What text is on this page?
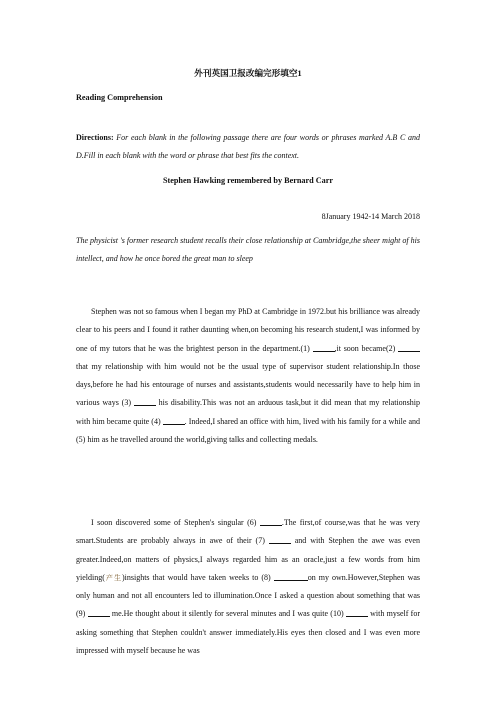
外刊英国卫报改编完形填空1
Reading Comprehension
Directions: For each blank in the following passage there are four words or phrases marked A.B C and D.Fill in each blank with the word or phrase that best fits the context.
Stephen Hawking remembered by Bernard Carr
8January 1942-14 March 2018
The physicist 's former research student recalls their close relationship at Cambridge,the sheer might of his intellect, and how he once bored the great man to sleep

Stephen was not so famous when I began my PhD at Cambridge in 1972.but his brilliance was already clear to his peers and I found it rather daunting when,on becoming his research student,I was informed by one of my tutors that he was the brightest person in the department.(1)	,it soon became(2) that my relationship with him would not be the usual type of supervisor student relationship.In those days,before he had his entourage of nurses and assistants,students would necessarily have to help him in various ways (3)	his disability.This was not an arduous task,but it did mean that my relationship with him became quite (4)	. Indeed,I shared an office with him, lived with his family for a while and (5) him as he travelled around the world,giving talks and collecting medals.

I soon discovered some of Stephen's singular (6)	.The first,of course,was that he was very smart.Students are probably always in awe of their (7)	and with Stephen the awe was even greater.Indeed,on matters of physics,I always regarded him as an oracle,just a few words from him yielding(产生)insights that would have taken weeks to (8)	on my own.However,Stephen was only human and not all encounters led to illumination.Once I asked a question about something that was (9)	me.He thought about it silently for several minutes and I was quite (10)	with myself for asking something that Stephen couldn't answer immediately.His eyes then closed and I was even more impressed with myself because he was
